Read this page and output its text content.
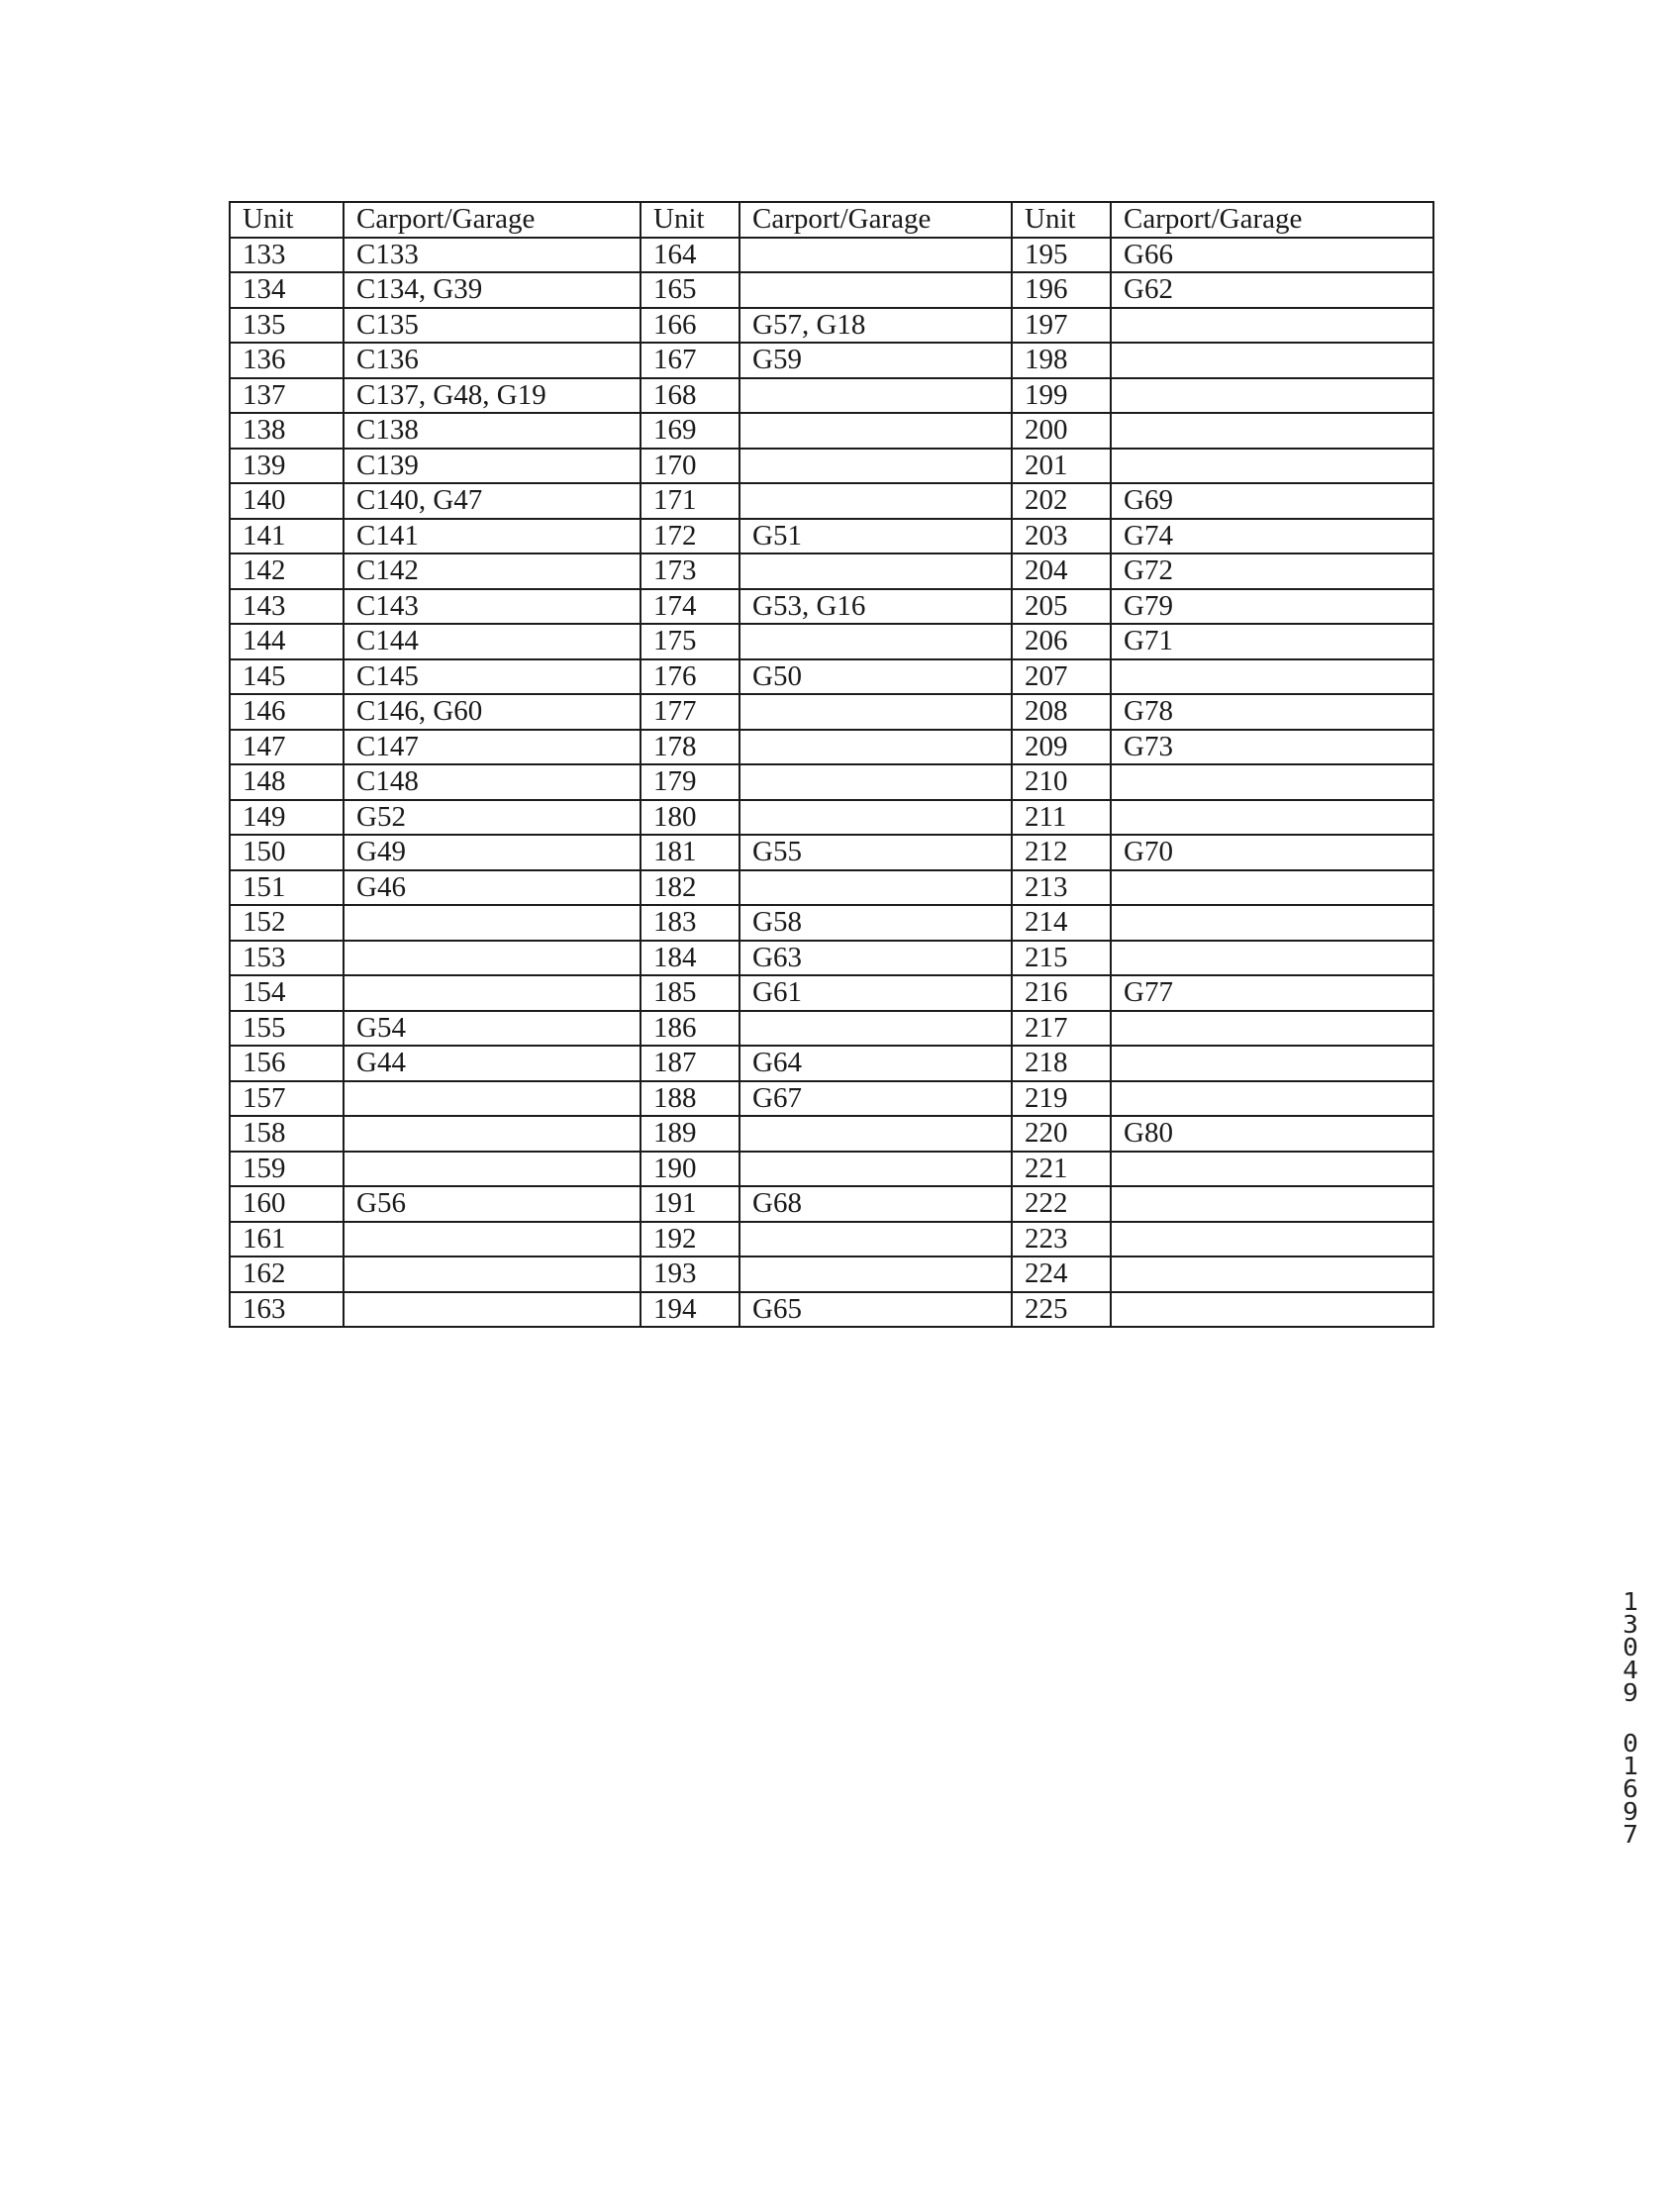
Unit	Carport/Garage	Unit	Carport/Garage	Unit	Carport/Garage
133	C133	164		195	G66
134	C134, G39	165		196	G62
135	C135	166	G57, G18	197	
136	C136	167	G59	198	
137	C137, G48, G19	168		199	
138	C138	169		200	
139	C139	170		201	
140	C140, G47	171		202	G69
141	C141	172	G51	203	G74
142	C142	173		204	G72
143	C143	174	G53, G16	205	G79
144	C144	175		206	G71
145	C145	176	G50	207	
146	C146, G60	177		208	G78
147	C147	178		209	G73
148	C148	179		210	
149	G52	180		211	
150	G49	181	G55	212	G70
151	G46	182		213	
152		183	G58	214	
153		184	G63	215	
154		185	G61	216	G77
155	G54	186		217	
156	G44	187	G64	218	
157		188	G67	219	
158		189		220	G80
159		190		221	
160	G56	191	G68	222	
161		192		223	
162		193		224	
163		194	G65	225	
1
3
0
4
9
0
1
6
9
7
